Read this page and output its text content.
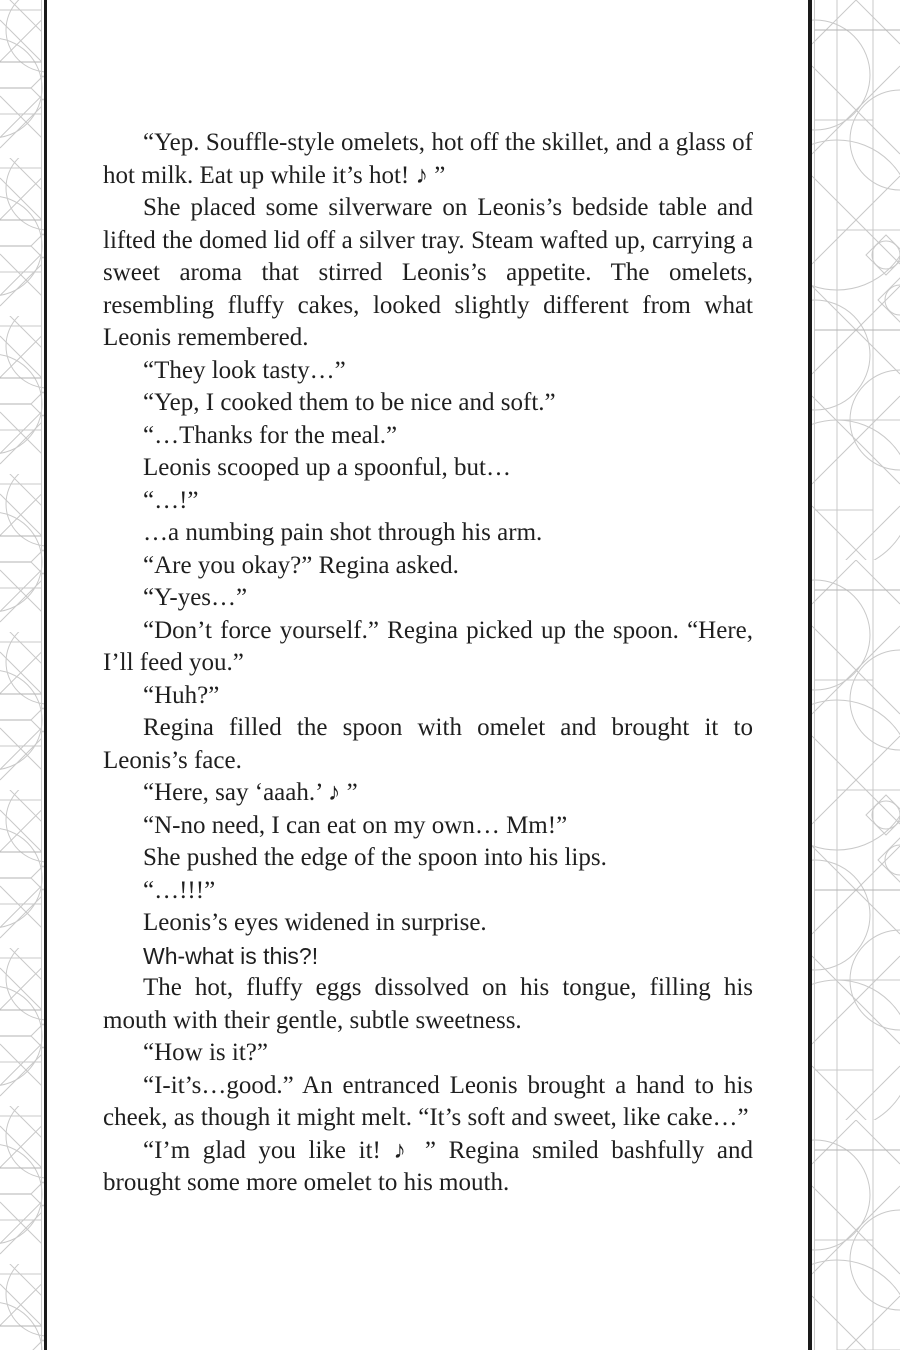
“Yep. Souffle-style omelets, hot off the skillet, and a glass of hot milk. Eat up while it’s hot! ♪ ”

She placed some silverware on Leonis’s bedside table and lifted the domed lid off a silver tray. Steam wafted up, carrying a sweet aroma that stirred Leonis’s appetite. The omelets, resembling fluffy cakes, looked slightly different from what Leonis remembered.

“They look tasty…”

“Yep, I cooked them to be nice and soft.”

“…Thanks for the meal.”

Leonis scooped up a spoonful, but…

“…!”

…a numbing pain shot through his arm.

“Are you okay?” Regina asked.

“Y-yes…”

“Don’t force yourself.” Regina picked up the spoon. “Here, I’ll feed you.”

“Huh?”

Regina filled the spoon with omelet and brought it to Leonis’s face.

“Here, say ‘aaah.’ ♪ ”

“N-no need, I can eat on my own… Mm!”

She pushed the edge of the spoon into his lips.

“…!!!”

Leonis’s eyes widened in surprise.

Wh-what is this?!

The hot, fluffy eggs dissolved on his tongue, filling his mouth with their gentle, subtle sweetness.

“How is it?”

“I-it’s…good.” An entranced Leonis brought a hand to his cheek, as though it might melt. “It’s soft and sweet, like cake…”

“I’m glad you like it! ♪ ” Regina smiled bashfully and brought some more omelet to his mouth.
